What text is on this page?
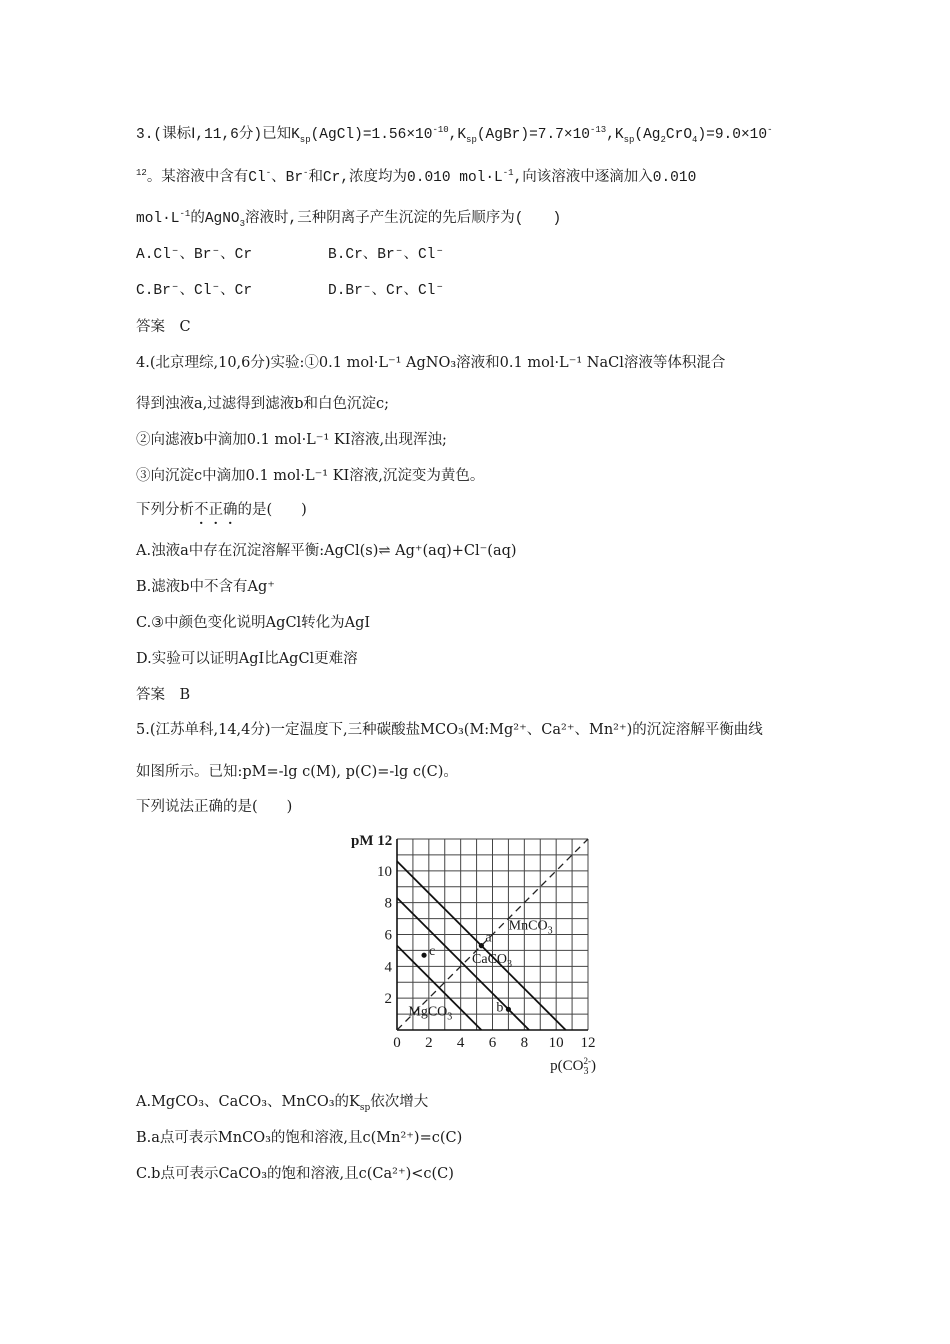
3.(课标Ⅰ,11,6分)已知$K_{sp}(AgCl)=1.56\times 10^{-10},K_{sp}(AgBr)=7.7\times 10^{-13},K_{sp}(Ag_2CrO_4)=9.0\times 10^-$
$^{12}$。某溶液中含有Cl-、Br-和Cr,浓度均为0.010 $mol\cdot L^{-1}$,向该溶液中逐滴加入0.010
$mol\cdot L^{-1}$的AgNO$_3$溶液时,三种阴离子产生沉淀的先后顺序为(　　)
A.Cl⁻、Br⁻、Cr	B.Cr、Br⁻、Cl⁻
C.Br⁻、Cl⁻、Cr	D.Br⁻、Cr、Cl⁻
答案　C
4.(北京理综,10,6分)实验:①0.1 mol·L⁻¹ AgNO₃溶液和0.1 mol·L⁻¹ NaCl溶液等体积混合
得到浊液a,过滤得到滤液b和白色沉淀c;
②向滤液b中滴加0.1 mol·L⁻¹ KI溶液,出现浑浊;
③向沉淀c中滴加0.1 mol·L⁻¹ KI溶液,沉淀变为黄色。
下列分析不正确的是(　　)
A.浊液a中存在沉淀溶解平衡:AgCl(s)⇌ Ag⁺(aq)+Cl⁻(aq)
B.滤液b中不含有Ag⁺
C.③中颜色变化说明AgCl转化为AgI
D.实验可以证明AgI比AgCl更难溶
答案　B
5.(江苏单科,14,4分)一定温度下,三种碳酸盐MCO₃(M:Mg²⁺、Ca²⁺、Mn²⁺)的沉淀溶解平衡曲线
如图所示。已知:pM=-lg c(M), p(C)=-lg c(C)。
下列说法正确的是(　　)
MgCO$_3$
CaCO$_3$
MnCO$_3$
a
b
c
0 2 4 6 8 10 12
2
4
6
8
10
pM 12
$p(CO_32-)$
A.MgCO₃、CaCO₃、MnCO₃的$K_{sp}$依次增大
B.a点可表示MnCO₃的饱和溶液,且c(Mn²⁺)=c(C)
C.b点可表示CaCO₃的饱和溶液,且c(Ca²⁺)<c(C)
